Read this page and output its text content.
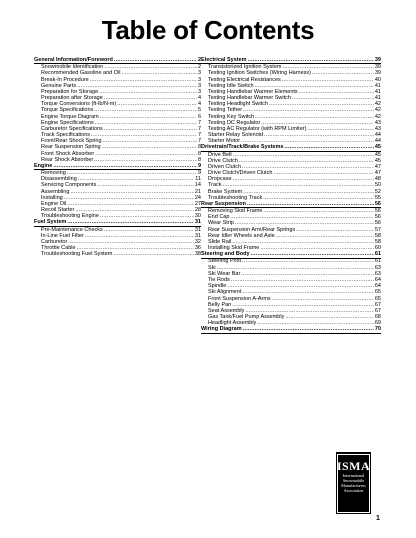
Table of Contents
General Information/Foreword .....	2
Snowmobile Identification .....	2
Recommended Gasoline and Oil .....	3
Break-In Procedure .....	3
Genuine Parts .....	3
Preparation for Storage .....	3
Preparation after Storage .....	4
Torque Conversions (ft-lb/N-m) .....	4
Torque Specifications .....	5
Engine Torque Diagram .....	6
Engine Specifications .....	7
Carburetor Specifications .....	7
Track Specifications .....	7
Front/Rear Shock Spring .....	7
Rear Suspension Spring .....	8
Front Shock Absorber .....	8
Rear Shock Absorber .....	8
Engine .....	9
Removing .....	9
Disassembling .....	11
Servicing Components .....	14
Assembling .....	21
Installing .....	24
Engine Oil .....	27
Recoil Starter .....	28
Troubleshooting Engine .....	30
Fuel System .....	31
Pre-Maintenance Checks .....	31
In-Line Fuel Filter .....	31
Carburetor .....	32
Throttle Cable .....	36
Troubleshooting Fuel System .....	38
Electrical System .....	39
Transistorized Ignition System .....	39
Testing Ignition Switches (Wiring Harness) .....	39
Testing Electrical Resistances .....	40
Testing Idle Switch .....	41
Testing Handlebar Warmer Elements .....	41
Testing Handlebar Warmer Switch .....	41
Testing Headlight Switch .....	42
Testing Tether .....	42
Testing Key Switch .....	42
Testing DC Regulator .....	43
Testing AC Regulator (with RPM Limiter) .....	43
Starter Relay Solenoid .....	44
Starter Motor .....	44
Drivetrain/Track/Brake Systems .....	45
Drive Belt .....	45
Drive Clutch .....	45
Driven Clutch .....	47
Drive Clutch/Driven Clutch .....	47
Dropcase .....	48
Track .....	50
Brake System .....	52
Troubleshooting Track .....	55
Rear Suspension .....	56
Removing Skid Frame .....	56
End Cap .....	56
Wear Strip .....	56
Rear Suspension Arm/Rear Springs .....	57
Rear Idler Wheels and Axle .....	58
Slide Rail .....	58
Installing Skid Frame .....	60
Steering and Body .....	61
Steering Post .....	61
Ski .....	63
Ski Wear Bar .....	63
Tie Rods .....	64
Spindle .....	64
Ski Alignment .....	65
Front Suspension A-Arms .....	65
Belly Pan .....	67
Seat Assembly .....	67
Gas Tank/Fuel Pump Assembly .....	68
Headlight Assembly .....	69
Wiring Diagram .....	70
ISMA
International
Snowmobile
Manufacturers
Association
1
